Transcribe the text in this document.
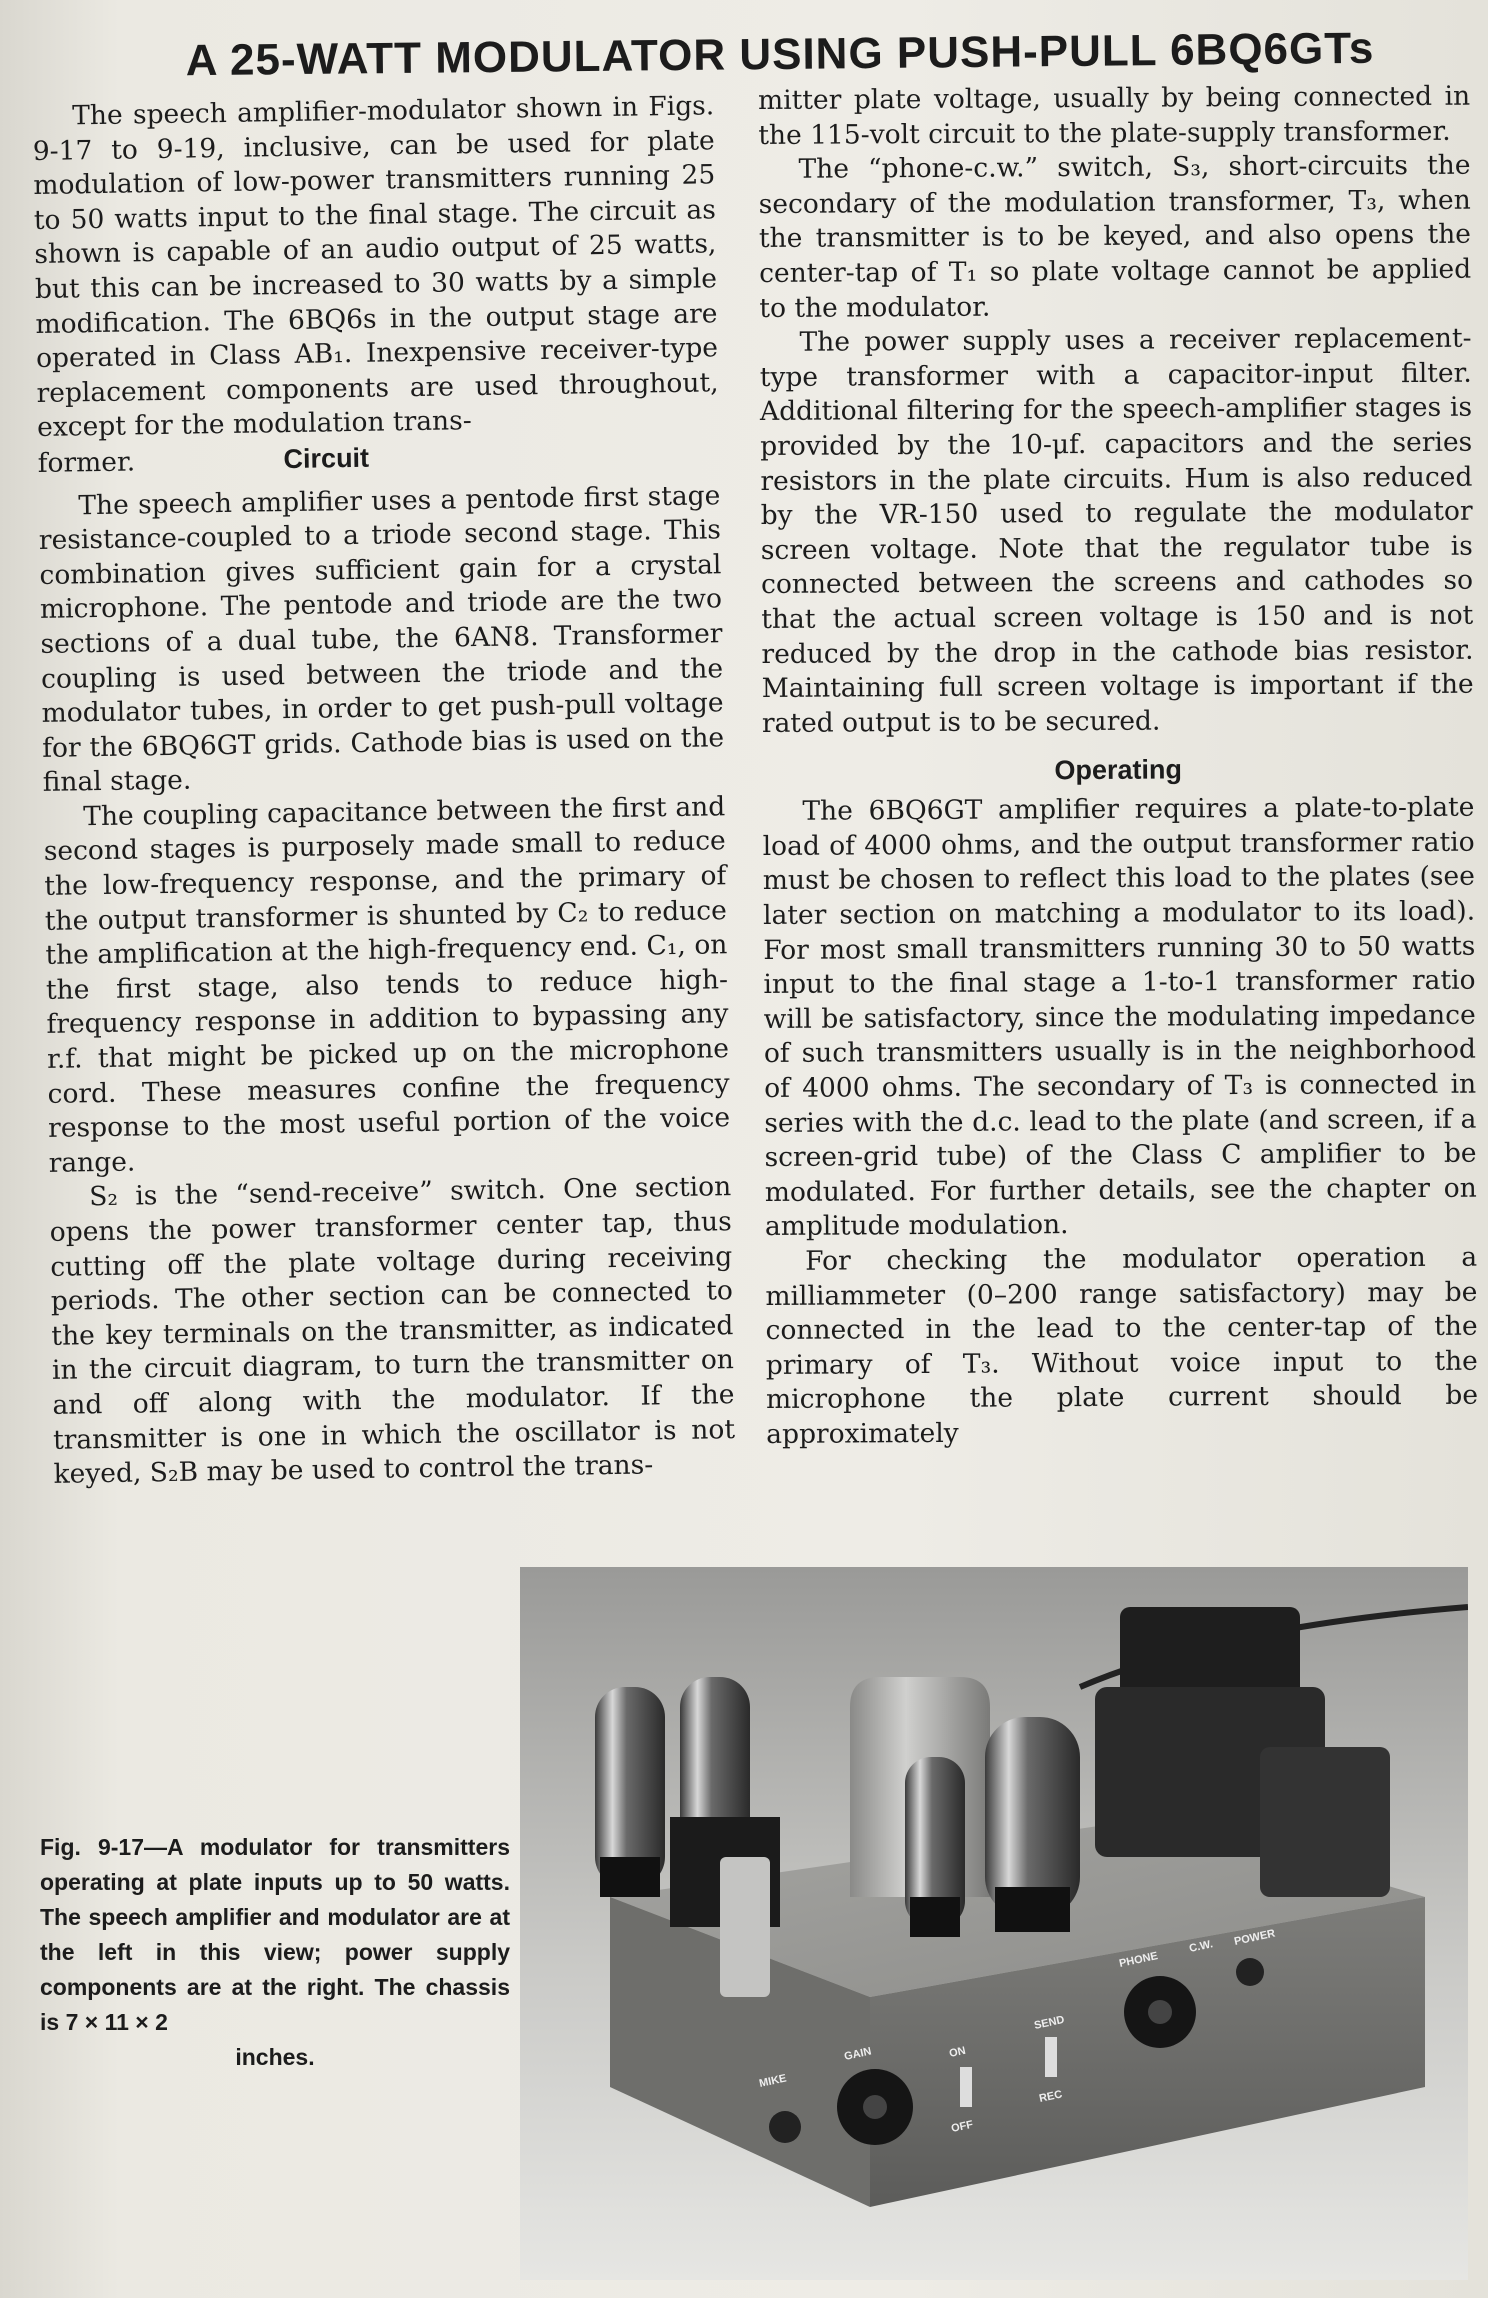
A 25-WATT MODULATOR USING PUSH-PULL 6BQ6GTs

The speech amplifier-modulator shown in Figs. 9-17 to 9-19, inclusive, can be used for plate modulation of low-power transmitters running 25 to 50 watts input to the final stage. The circuit as shown is capable of an audio output of 25 watts, but this can be increased to 30 watts by a simple modification. The 6BQ6s in the output stage are operated in Class AB₁. Inexpensive receiver-type replacement components are used throughout, except for the modulation trans-

former.	Circuit

The speech amplifier uses a pentode first stage resistance-coupled to a triode second stage. This combination gives sufficient gain for a crystal microphone. The pentode and triode are the two sections of a dual tube, the 6AN8. Transformer coupling is used between the triode and the modulator tubes, in order to get push-pull voltage for the 6BQ6GT grids. Cathode bias is used on the final stage.

The coupling capacitance between the first and second stages is purposely made small to reduce the low-frequency response, and the primary of the output transformer is shunted by C₂ to reduce the amplification at the high-frequency end. C₁, on the first stage, also tends to reduce high-frequency response in addition to bypassing any r.f. that might be picked up on the microphone cord. These measures confine the frequency response to the most useful portion of the voice range.

S₂ is the “send-receive” switch. One section opens the power transformer center tap, thus cutting off the plate voltage during receiving periods. The other section can be connected to the key terminals on the transmitter, as indicated in the circuit diagram, to turn the transmitter on and off along with the modulator. If the transmitter is one in which the oscillator is not keyed, S₂B may be used to control the trans-

mitter plate voltage, usually by being connected in the 115-volt circuit to the plate-supply transformer.

The “phone-c.w.” switch, S₃, short-circuits the secondary of the modulation transformer, T₃, when the transmitter is to be keyed, and also opens the center-tap of T₁ so plate voltage cannot be applied to the modulator.

The power supply uses a receiver replacement-type transformer with a capacitor-input filter. Additional filtering for the speech-amplifier stages is provided by the 10-μf. capacitors and the series resistors in the plate circuits. Hum is also reduced by the VR-150 used to regulate the modulator screen voltage. Note that the regulator tube is connected between the screens and cathodes so that the actual screen voltage is 150 and is not reduced by the drop in the cathode bias resistor. Maintaining full screen voltage is important if the rated output is to be secured.

Operating

The 6BQ6GT amplifier requires a plate-to-plate load of 4000 ohms, and the output transformer ratio must be chosen to reflect this load to the plates (see later section on matching a modulator to its load). For most small transmitters running 30 to 50 watts input to the final stage a 1-to-1 transformer ratio will be satisfactory, since the modulating impedance of such transmitters usually is in the neighborhood of 4000 ohms. The secondary of T₃ is connected in series with the d.c. lead to the plate (and screen, if a screen-grid tube) of the Class C amplifier to be modulated. For further details, see the chapter on amplitude modulation.

For checking the modulator operation a milliammeter (0–200 range satisfactory) may be connected in the lead to the center-tap of the primary of T₃. Without voice input to the microphone the plate current should be approximately

Fig. 9-17—A modulator for transmitters operating at plate inputs up to 50 watts. The speech amplifier and modulator are at the left in this view; power supply components are at the right. The chassis is 7 × 11 × 2
inches.
MIKE
GAIN	ON
OFF
SEND
PHONE
C.W.
REC
POWER
